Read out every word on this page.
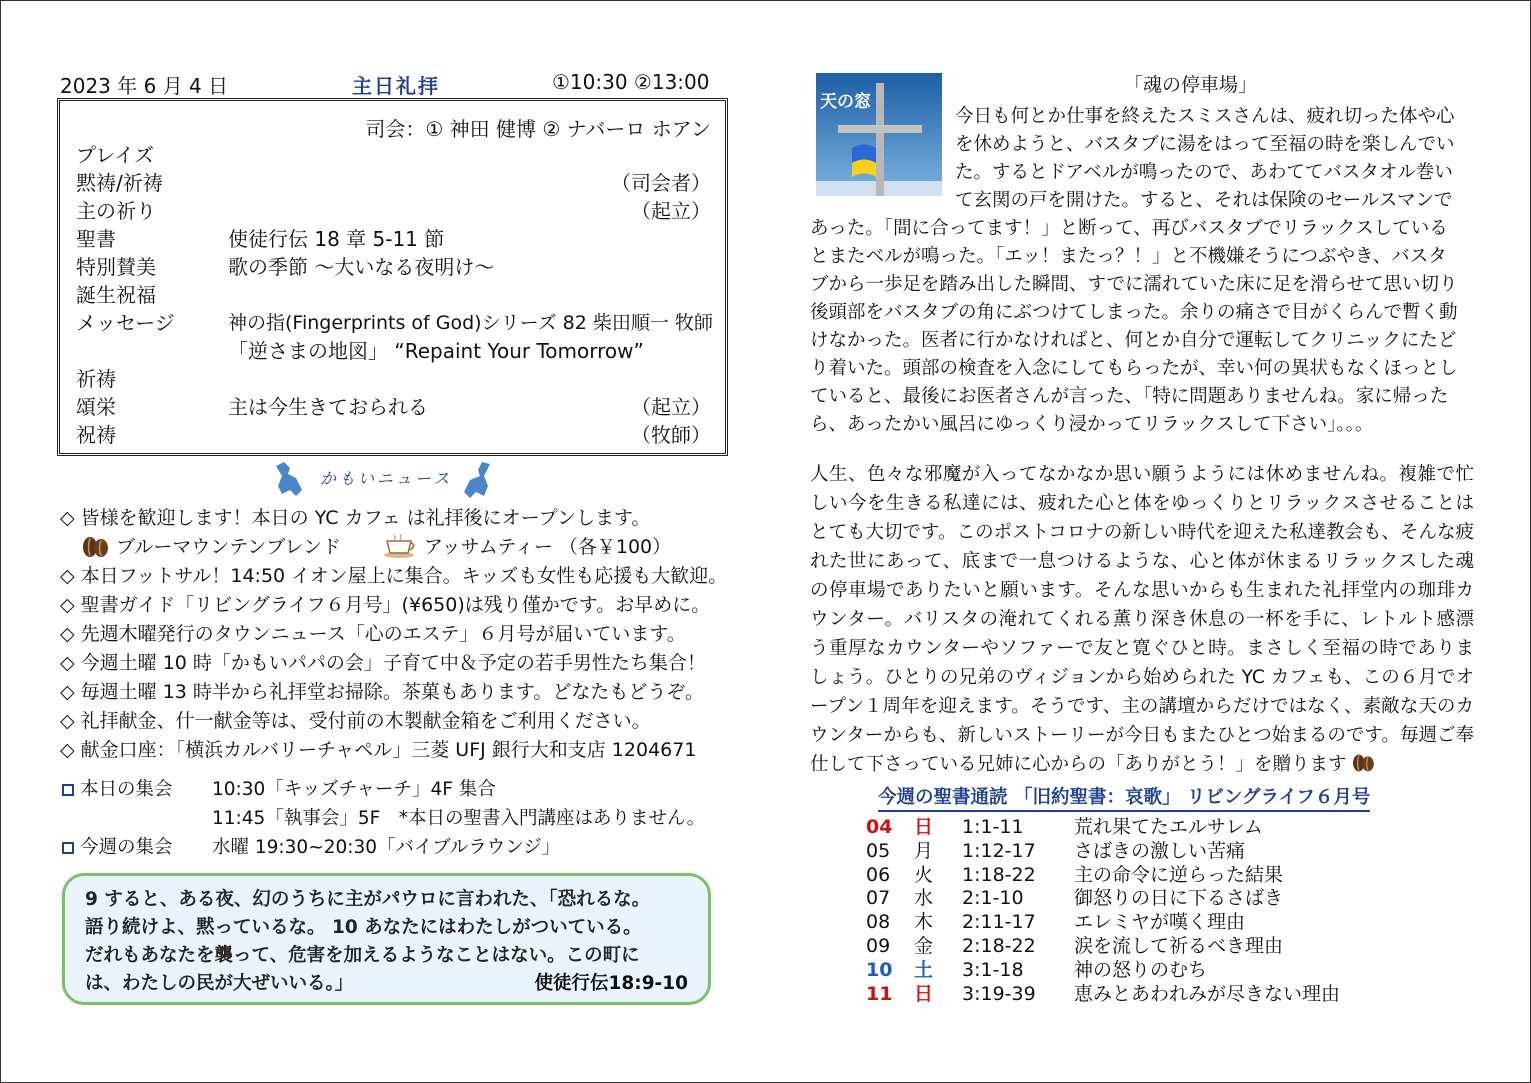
2023 年 6 月 4 日	主日礼拝	①10:30 ②13:00
司会：① 神田 健博 ② ナバーロ ホアン
プレイズ
黙祷/祈祷	（司会者）
主の祈り	（起立）
聖書	使徒行伝 18 章 5-11 節
特別賛美	歌の季節 ～大いなる夜明け～
誕生祝福
メッセージ	神の指(Fingerprints of God)シリーズ 82 柴田順一 牧師
「逆さまの地図」 “Repaint Your Tomorrow”
祈祷
頌栄	主は今生きておられる	（起立）
祝祷	（牧師）
かもいニュース
◇ 皆様を歓迎します！本日の YC カフェ は礼拝後にオープンします。
ブルーマウンテンブレンド	アッサムティー （各￥100）
◇ 本日フットサル！14:50 イオン屋上に集合。キッズも女性も応援も大歓迎。
◇ 聖書ガイド「リビングライフ６月号」(¥650)は残り僅かです。お早めに。
◇ 先週木曜発行のタウンニュース「心のエステ」６月号が届いています。
◇ 今週土曜 10 時「かもいパパの会」子育て中＆予定の若手男性たち集合！
◇ 毎週土曜 13 時半から礼拝堂お掃除。茶菓もあります。どなたもどうぞ。
◇ 礼拝献金、什一献金等は、受付前の木製献金箱をご利用ください。
◇ 献金口座：「横浜カルバリーチャペル」三菱 UFJ 銀行大和支店 1204671
本日の集会 10:30「キッズチャーチ」4F 集合
11:45「執事会」5F　*本日の聖書入門講座はありません。
今週の集会 水曜 19:30~20:30「バイブルラウンジ」
9 すると、ある夜、幻のうちに主がパウロに言われた、「恐れるな。
語り続けよ、黙っているな。 10 あなたにはわたしがついている。
だれもあなたを襲って、危害を加えるようなことはない。この町に
は、わたしの民が大ぜいいる。」	使徒行伝18:9-10
天の窓
「魂の停車場」
今日も何とか仕事を終えたスミスさんは、疲れ切った体や心
を休めようと、バスタブに湯をはって至福の時を楽しんでい
た。するとドアベルが鳴ったので、あわててバスタオル巻い
て玄関の戸を開けた。すると、それは保険のセールスマンで
あった。「間に合ってます！」と断って、再びバスタブでリラックスしている
とまたベルが鳴った。「エッ！またっ？！」と不機嫌そうにつぶやき、バスタ
ブから一歩足を踏み出した瞬間、すでに濡れていた床に足を滑らせて思い切り
後頭部をバスタブの角にぶつけてしまった。余りの痛さで目がくらんで暫く動
けなかった。医者に行かなければと、何とか自分で運転してクリニックにたど
り着いた。頭部の検査を入念にしてもらったが、幸い何の異状もなくほっとし
ていると、最後にお医者さんが言った、「特に問題ありませんね。家に帰った
ら、あったかい風呂にゆっくり浸かってリラックスして下さい」。。。
人生、色々な邪魔が入ってなかなか思い願うようには休めませんね。複雑で忙しい今を生きる私達には、疲れた心と体をゆっくりとリラックスさせることはとても大切です。このポストコロナの新しい時代を迎えた私達教会も、そんな疲れた世にあって、底まで一息つけるような、心と体が休まるリラックスした魂の停車場でありたいと願います。そんな思いからも生まれた礼拝堂内の珈琲カウンター。バリスタの淹れてくれる薫り深き休息の一杯を手に、レトルト感漂う重厚なカウンターやソファーで友と寛ぐひと時。まさしく至福の時でありましょう。ひとりの兄弟のヴィジョンから始められた YC カフェも、この６月でオープン１周年を迎えます。そうです、主の講壇からだけではなく、素敵な天のカウンターからも、新しいストーリーが今日もまたひとつ始まるのです。毎週ご奉仕して下さっている兄姉に心からの「ありがとう！」を贈ります
今週の聖書通読 「旧約聖書：哀歌」 リビングライフ６月号
04 日 1:1-11	荒れ果てたエルサレム
05 月 1:12-17 さばきの激しい苦痛
06 火 1:18-22 主の命令に逆らった結果
07 水 2:1-10	御怒りの日に下るさばき
08 木 2:11-17 エレミヤが嘆く理由
09 金 2:18-22 涙を流して祈るべき理由
10 土 3:1-18	神の怒りのむち
11 日 3:19-39 恵みとあわれみが尽きない理由
